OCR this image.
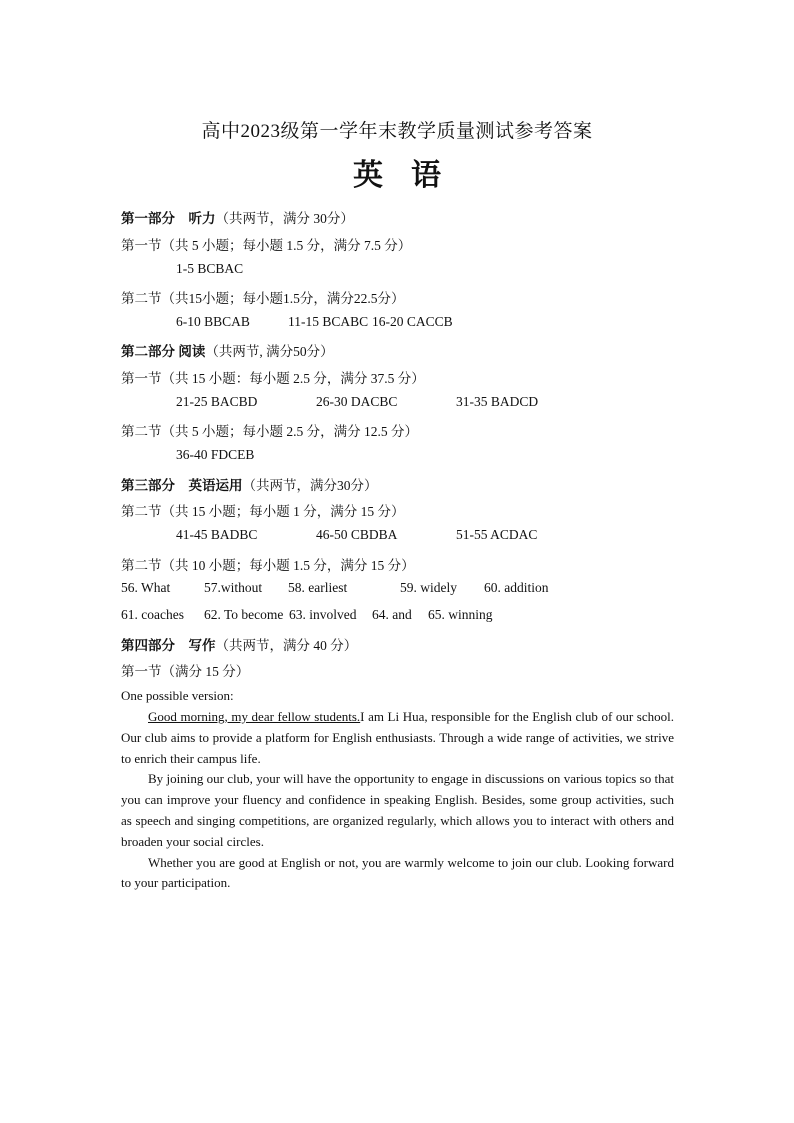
高中2023级第一学年末教学质量测试参考答案
英语
第一部分　听力（共两节，满分 30分）
第一节（共 5 小题；每小题 1.5 分，满分 7.5 分）
1-5 BCBAC
第二节（共15小题；每小题1.5分，满分22.5分）
6-10 BBCAB	11-15 BCABC 16-20 CACCB
第二部分 阅读（共两节, 满分50分）
第一节（共 15 小题：每小题 2.5 分，满分 37.5 分）
21-25 BACBD	26-30 DACBC	31-35 BADCD
第二节（共 5 小题；每小题 2.5 分，满分 12.5 分）
36-40 FDCEB
第三部分　英语运用（共两节，满分30分）
第二节（共 15 小题；每小题 1 分，满分 15 分）
41-45 BADBC	46-50 CBDBA	51-55 ACDAC
第二节（共 10 小题；每小题 1.5 分，满分 15 分）
56. What	57.without 58. earliest	59. widely 60. addition
61. coaches 62. To become 63. involved 64. and 65. winning
第四部分　写作（共两节，满分 40 分）
第一节（满分 15 分）
One possible version:

Good morning, my dear fellow students.I am Li Hua, responsible for the English club of our school. Our club aims to provide a platform for English enthusiasts. Through a wide range of activities, we strive to enrich their campus life.

By joining our club, your will have the opportunity to engage in discussions on various topics so that you can improve your fluency and confidence in speaking English. Besides, some group activities, such as speech and singing competitions, are organized regularly, which allows you to interact with others and broaden your social circles.

Whether you are good at English or not, you are warmly welcome to join our club. Looking forward to your participation.
